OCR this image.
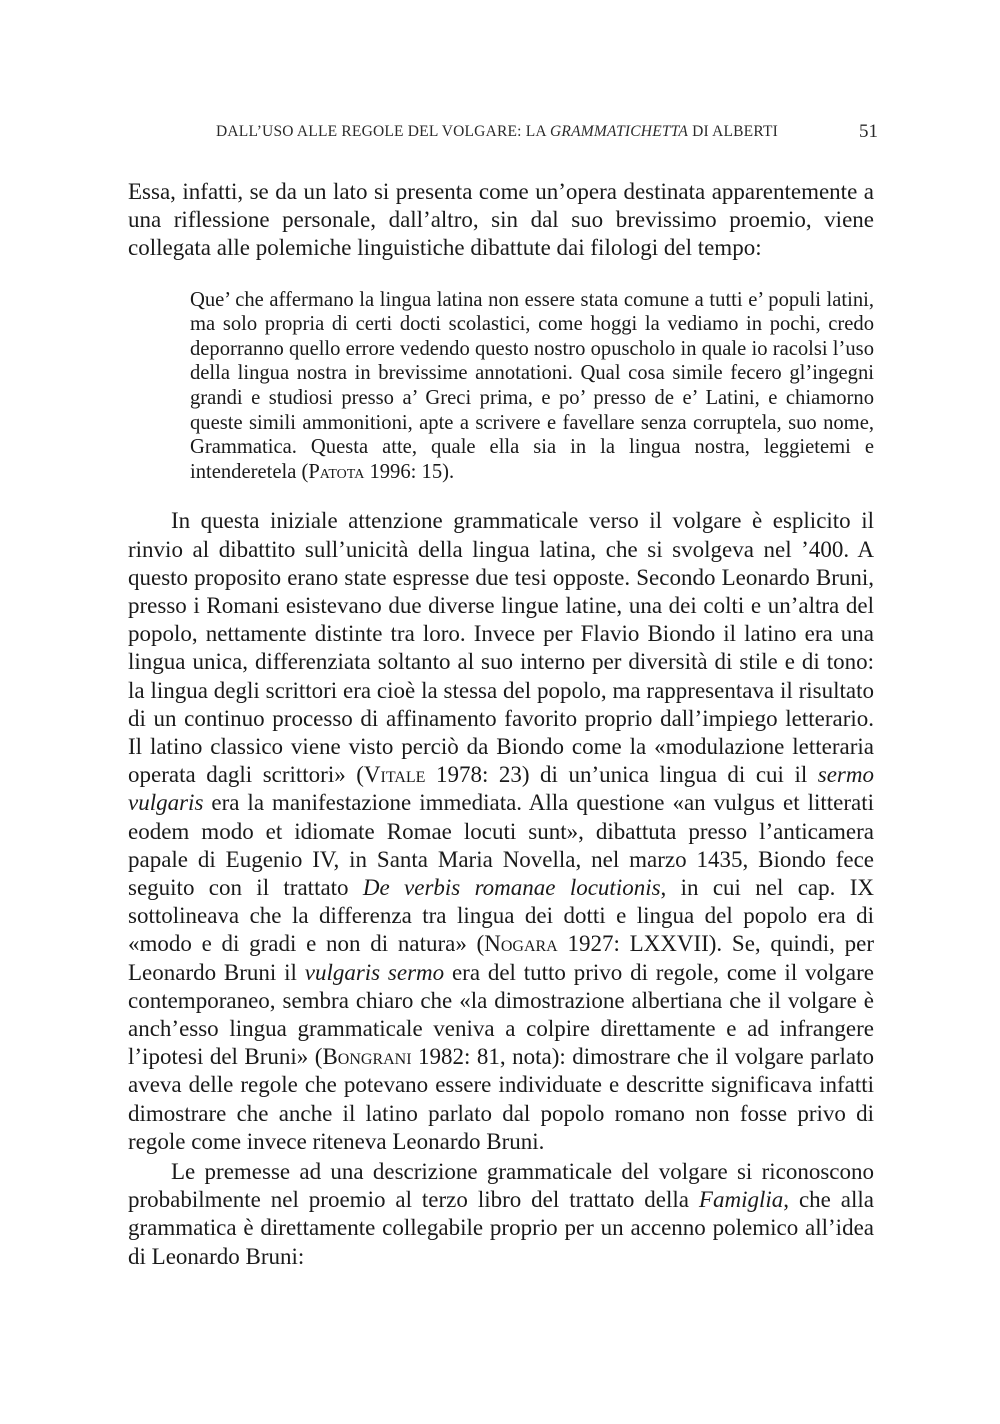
DALL’USO ALLE REGOLE DEL VOLGARE: LA GRAMMATICHETTA DI ALBERTI	51

Essa, infatti, se da un lato si presenta come un’opera destinata apparentemente a una riflessione personale, dall’altro, sin dal suo brevissimo proemio, viene collegata alle polemiche linguistiche dibattute dai filologi del tempo:

Que’ che affermano la lingua latina non essere stata comune a tutti e’ populi latini, ma solo propria di certi docti scolastici, come hoggi la vediamo in pochi, credo deporranno quello errore vedendo questo nostro opuscholo in quale io racolsi l’uso della lingua nostra in brevissime annotationi. Qual cosa simile fecero gl’ingegni grandi e studiosi presso a’ Greci prima, e po’ presso de e’ Latini, e chiamorno queste simili ammonitioni, apte a scrivere e favellare senza corruptela, suo nome, Grammatica. Questa atte, quale ella sia in la lingua nostra, leggietemi e intenderetela (Patota 1996: 15).

In questa iniziale attenzione grammaticale verso il volgare è esplicito il rinvio al dibattito sull’unicità della lingua latina, che si svolgeva nel ’400. A questo proposito erano state espresse due tesi opposte. Secondo Leonardo Bruni, presso i Romani esistevano due diverse lingue latine, una dei colti e un’altra del popolo, nettamente distinte tra loro. Invece per Flavio Biondo il latino era una lingua unica, differenziata soltanto al suo interno per diversità di stile e di tono: la lingua degli scrittori era cioè la stessa del popolo, ma rappresentava il risultato di un continuo processo di affinamento favorito proprio dall’impiego letterario. Il latino classico viene visto perciò da Biondo come la «modulazione letteraria operata dagli scrittori» (Vitale 1978: 23) di un’unica lingua di cui il sermo vulgaris era la manifestazione immediata. Alla questione «an vulgus et litterati eodem modo et idiomate Romae locuti sunt», dibattuta presso l’anticamera papale di Eugenio IV, in Santa Maria Novella, nel marzo 1435, Biondo fece seguito con il trattato De verbis romanae locutionis, in cui nel cap. IX sottolineava che la differenza tra lingua dei dotti e lingua del popolo era di «modo e di gradi e non di natura» (Nogara 1927: LXXVII). Se, quindi, per Leonardo Bruni il vulgaris sermo era del tutto privo di regole, come il volgare contemporaneo, sembra chiaro che «la dimostrazione albertiana che il volgare è anch’esso lingua grammaticale veniva a colpire direttamente e ad infrangere l’ipotesi del Bruni» (Bongrani 1982: 81, nota): dimostrare che il volgare parlato aveva delle regole che potevano essere individuate e descritte significava infatti dimostrare che anche il latino parlato dal popolo romano non fosse privo di regole come invece riteneva Leonardo Bruni.

Le premesse ad una descrizione grammaticale del volgare si riconoscono probabilmente nel proemio al terzo libro del trattato della Famiglia, che alla grammatica è direttamente collegabile proprio per un accenno polemico all’idea di Leonardo Bruni:
